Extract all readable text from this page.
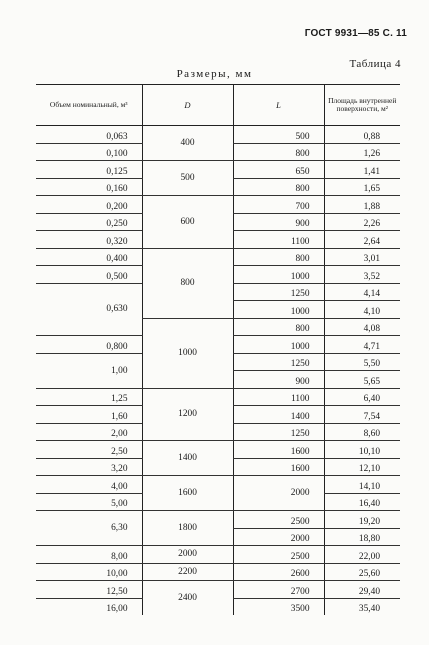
ГОСТ 9931—85 С. 11
Таблица 4
Размеры, мм
Объем номинальный, м³	D	L	Площадь внутренней поверхности, м²
0,063	400	500	0,88
0,100		800	1,26
0,125	500	650	1,41
0,160		800	1,65
0,200	600	700	1,88
0,250		900	2,26
0,320		1100	2,64
0,400	800	800	3,01
0,500		1000	3,52
0,630		1250	4,14
		1000	4,10
	1000	800	4,08
0,800		1000	4,71
1,00		1250	5,50
		900	5,65
1,25	1200	1100	6,40
1,60		1400	7,54
2,00		1250	8,60
2,50	1400	1600	10,10
3,20		1600	12,10
4,00	1600	2000	14,10
5,00			16,40
6,30	1800	2500	19,20
		2000	18,80
8,00	2000	2500	22,00
10,00	2200	2600	25,60
12,50	2400	2700	29,40
16,00		3500	35,40
